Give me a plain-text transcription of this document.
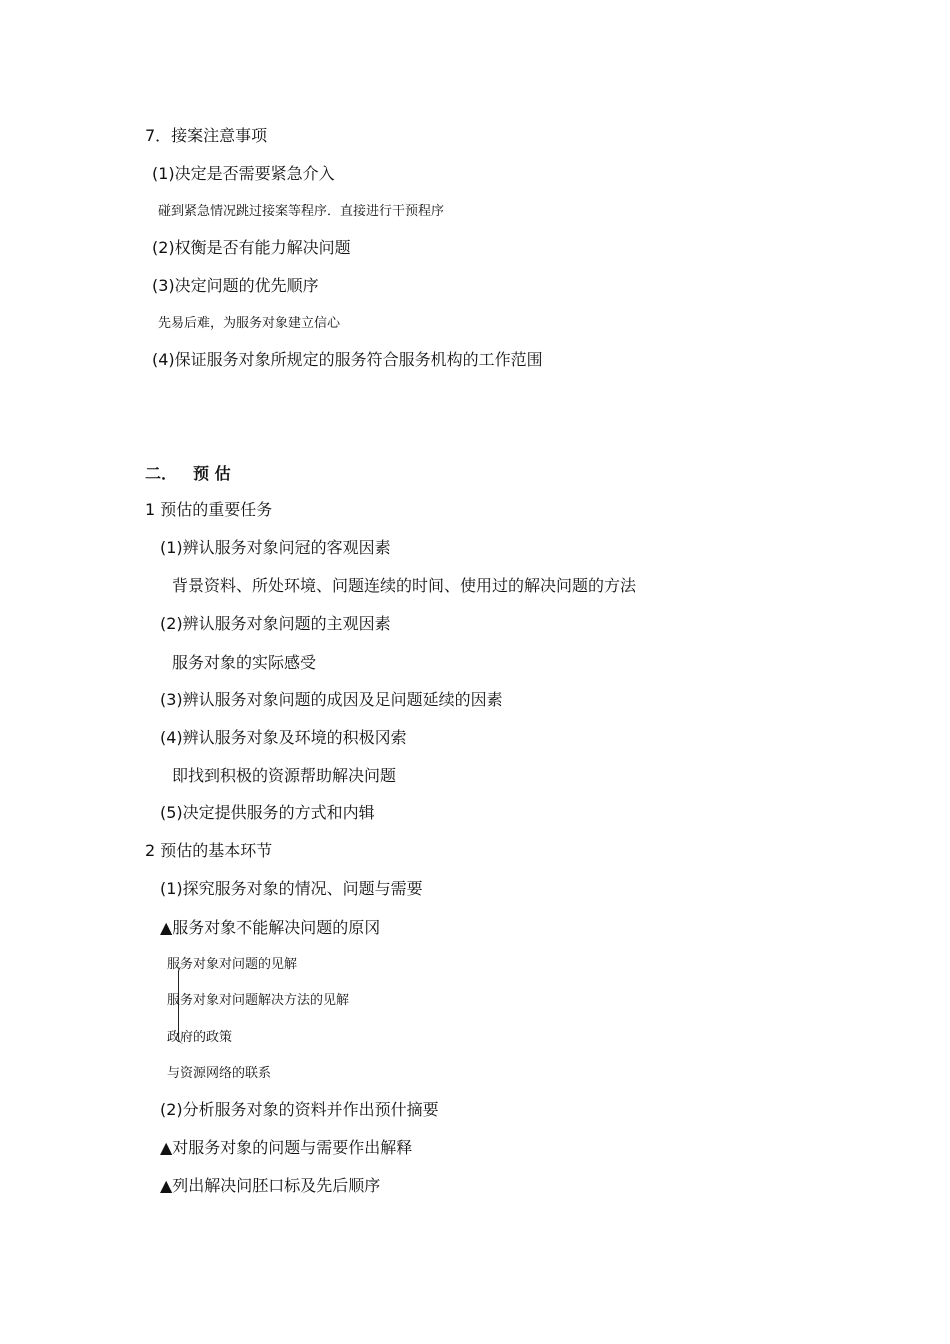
7．接案注意事项
(1)决定是否需要紧急介入
碰到紧急情况跳过接案等程序．直接进行干预程序
(2)权衡是否有能力解决问题
(3)决定问题的优先顺序
先易后难，为服务对象建立信心
(4)保证服务对象所规定的服务符合服务机构的工作范围
二． 预 估
1 预估的重要任务
(1)辨认服务对象问冠的客观因素
背景资料、所处环境、问题连续的时间、使用过的解决问题的方法
(2)辨认服务对象问题的主观因素
服务对象的实际感受
(3)辨认服务对象问题的成因及足问题延续的因素
(4)辨认服务对象及环境的积极冈索
即找到积极的资源帮助解决问题
(5)决定提供服务的方式和内辑
2 预估的基本环节
(1)探究服务对象的情况、问题与需要
▲服务对象不能解决问题的原冈
服务对象对问题的见解
服务对象对问题解决方法的见解
政府的政策
与资源网络的联系
(2)分析服务对象的资料并作出预什摘要
▲对服务对象的问题与需要作出解释
▲列出解决问胚口标及先后顺序
